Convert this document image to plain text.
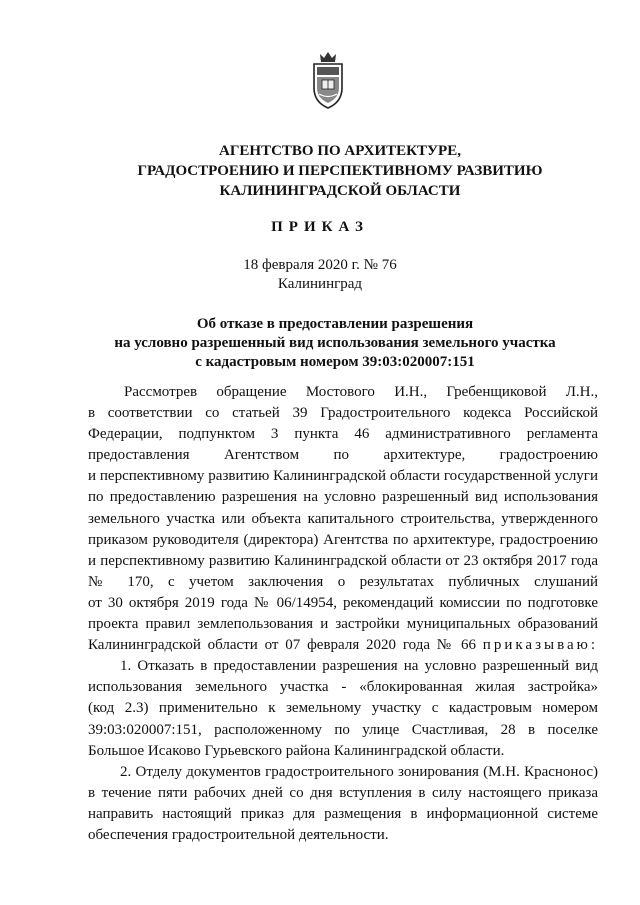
АГЕНТСТВО ПО АРХИТЕКТУРЕ,
ГРАДОСТРОЕНИЮ И ПЕРСПЕКТИВНОМУ РАЗВИТИЮ
КАЛИНИНГРАДСКОЙ ОБЛАСТИ
ПРИКАЗ
18 февраля 2020 г. № 76
Калининград
Об отказе в предоставлении разрешения
на условно разрешенный вид использования земельного участка
с кадастровым номером 39:03:020007:151
Рассмотрев обращение Мостового И.Н., Гребенщиковой Л.Н.,
в соответствии со статьей 39 Градостроительного кодекса Российской
Федерации, подпунктом 3 пункта 46 административного регламента
предоставления Агентством по архитектуре, градостроению
и перспективному развитию Калининградской области государственной услуги
по предоставлению разрешения на условно разрешенный вид использования
земельного участка или объекта капитального строительства, утвержденного
приказом руководителя (директора) Агентства по архитектуре, градостроению
и перспективному развитию Калининградской области от 23 октября 2017 года
№ 170, с учетом заключения о результатах публичных слушаний
от 30 октября 2019 года № 06/14954, рекомендаций комиссии по подготовке
проекта правил землепользования и застройки муниципальных образований
Калининградской области от 07 февраля 2020 года № 66 приказываю:
1. Отказать в предоставлении разрешения на условно разрешенный вид
использования земельного участка - «блокированная жилая застройка»
(код 2.3) применительно к земельному участку с кадастровым номером
39:03:020007:151, расположенному по улице Счастливая, 28 в поселке
Большое Исаково Гурьевского района Калининградской области.
2. Отделу документов градостроительного зонирования (М.Н. Краснонос)
в течение пяти рабочих дней со дня вступления в силу настоящего приказа
направить настоящий приказ для размещения в информационной системе
обеспечения градостроительной деятельности.
